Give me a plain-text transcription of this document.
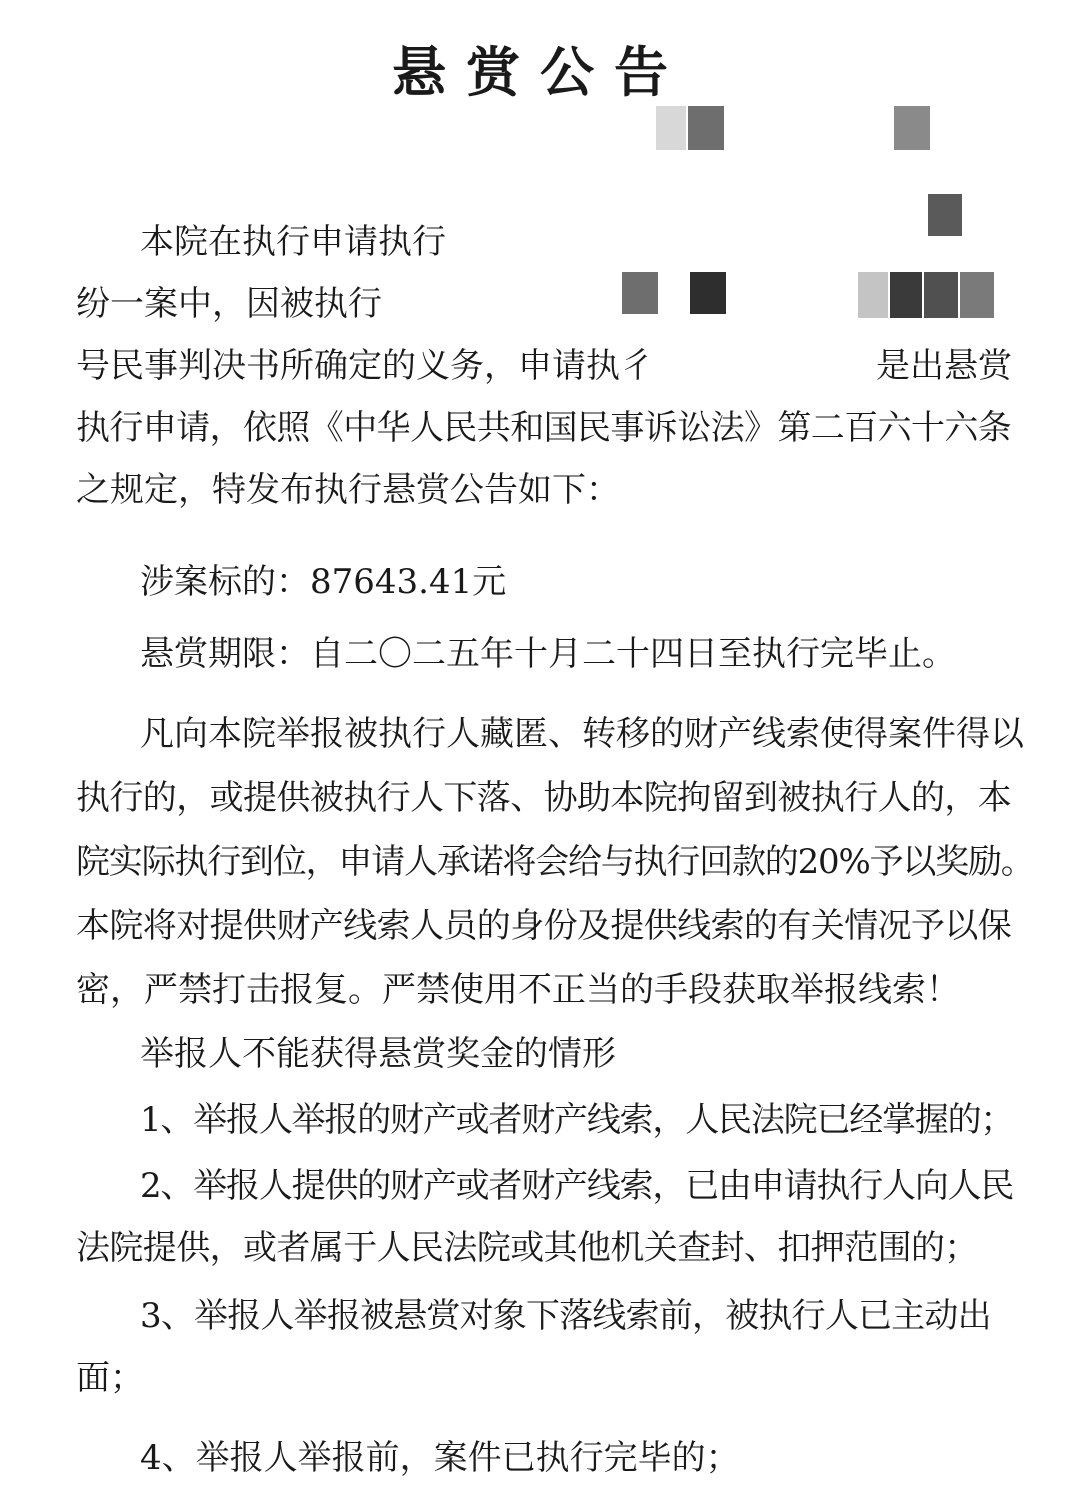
悬赏公告

本院在执行申请执行

纷一案中，因被执行

号民事判决书所确定的义务，申请执彳	是出悬赏

执行申请，依照《中华人民共和国民事诉讼法》第二百六十六条

之规定，特发布执行悬赏公告如下：

涉案标的：87643.41元

悬赏期限：自二〇二五年十月二十四日至执行完毕止。

凡向本院举报被执行人藏匿、转移的财产线索使得案件得以

执行的，或提供被执行人下落、协助本院拘留到被执行人的，本

院实际执行到位，申请人承诺将会给与执行回款的20%予以奖励。

本院将对提供财产线索人员的身份及提供线索的有关情况予以保

密，严禁打击报复。严禁使用不正当的手段获取举报线索！

举报人不能获得悬赏奖金的情形

1、举报人举报的财产或者财产线索，人民法院已经掌握的；

2、举报人提供的财产或者财产线索，已由申请执行人向人民

法院提供，或者属于人民法院或其他机关查封、扣押范围的；

3、举报人举报被悬赏对象下落线索前，被执行人已主动出

面；

4、举报人举报前，案件已执行完毕的；
